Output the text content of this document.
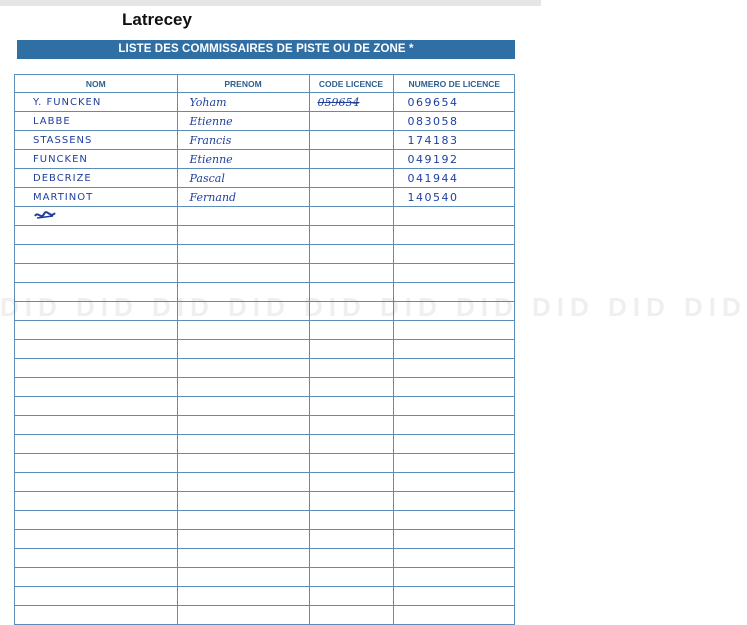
Latrecey
LISTE DES COMMISSAIRES DE PISTE OU DE ZONE *
NOM	PRENOM	CODE LICENCE	NUMERO DE LICENCE
Y. FUNCKEN	Yoham	059654	069654
LABBE	Etienne		083058
STASSENS	Francis		174183
FUNCKEN	Etienne		049192
DEBCRIZE	Pascal		041944
MARTINOT	Fernand		140540

DID DID DID DID DID DID DID DID DID DID
